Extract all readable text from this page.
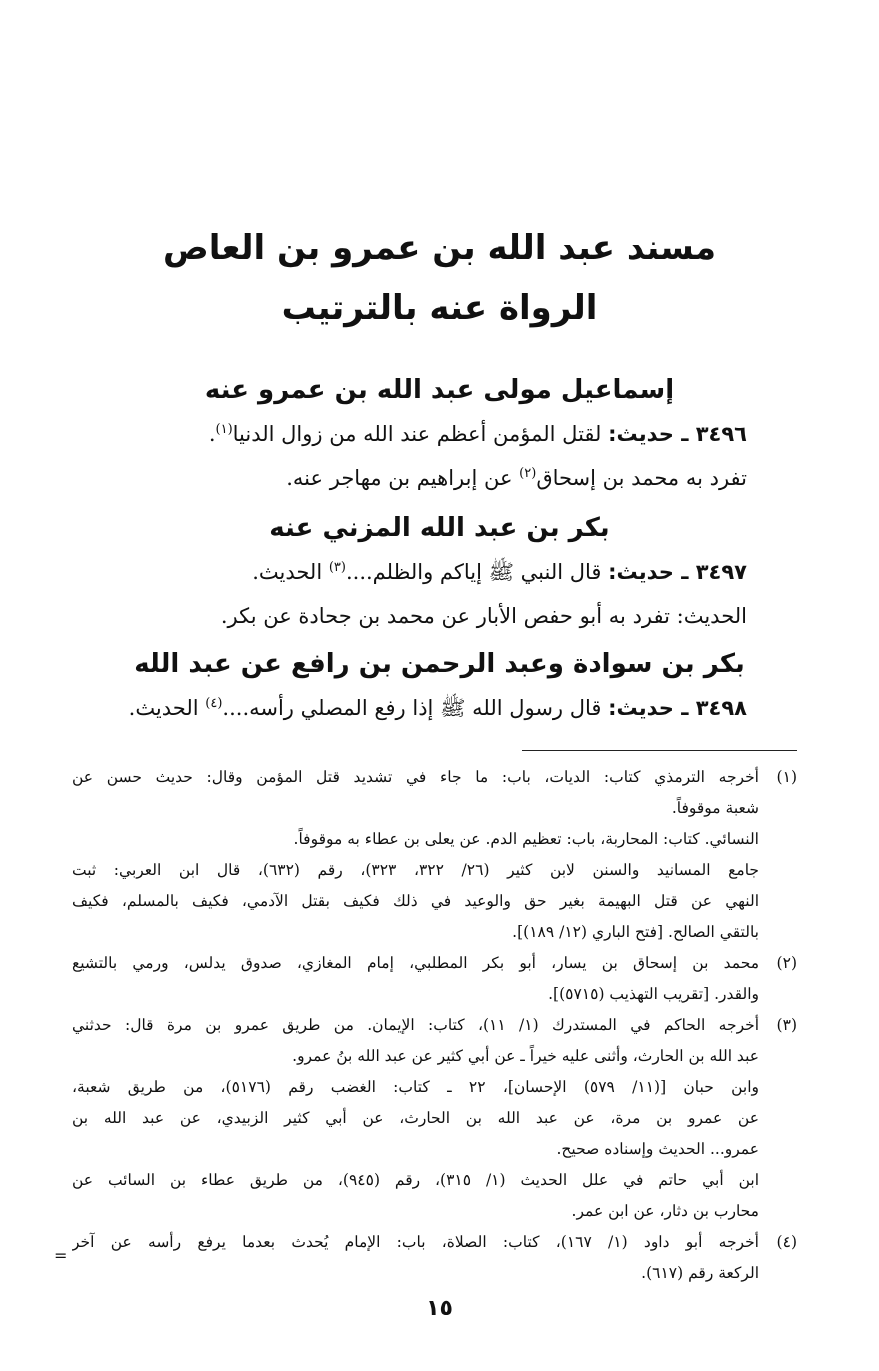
مسند عبد الله بن عمرو بن العاص
الرواة عنه بالترتيب
إسماعيل مولى عبد الله بن عمرو عنه
٣٤٩٦ ـ حديث: لقتل المؤمن أعظم عند الله من زوال الدنيا$^{(١)}$.
تفرد به محمد بن إسحاق$^{(٢)}$ عن إبراهيم بن مهاجر عنه.
بكر بن عبد الله المزني عنه
٣٤٩٧ ـ حديث: قال النبي ﷺ إياكم والظلم....$^{(٣)}$ الحديث.
الحديث: تفرد به أبو حفص الأبار عن محمد بن جحادة عن بكر.
بكر بن سوادة وعبد الرحمن بن رافع عن عبد الله
٣٤٩٨ ـ حديث: قال رسول الله ﷺ إذا رفع المصلي رأسه....$^{(٤)}$ الحديث.
(١)
أخرجه الترمذي كتاب: الديات، باب: ما جاء في تشديد قتل المؤمن وقال: حديث حسن عن
شعبة موقوفاً.
النسائي. كتاب: المحاربة، باب: تعظيم الدم. عن يعلى بن عطاء به موقوفاً.
جامع المسانيد والسنن لابن كثير (٢٦/ ٣٢٢، ٣٢٣)، رقم (٦٣٢)، قال ابن العربي: ثبت
النهي عن قتل البهيمة بغير حق والوعيد في ذلك فكيف بقتل الآدمي، فكيف بالمسلم، فكيف
بالتقي الصالح. [فتح الباري (١٢/ ١٨٩)].
(٢)
محمد بن إسحاق بن يسار، أبو بكر المطلبي، إمام المغازي، صدوق يدلس، ورمي بالتشيع
والقدر. [تقريب التهذيب (٥٧١٥)].
(٣)
أخرجه الحاكم في المستدرك (١/ ١١)، كتاب: الإيمان. من طريق عمرو بن مرة قال: حدثني
عبد الله بن الحارث، وأثنى عليه خيراً ـ عن أبي كثير عن عبد الله بنُ عمرو.
وابن حبان [(١١/ ٥٧٩) الإحسان]، ٢٢ ـ كتاب: الغضب رقم (٥١٧٦)، من طريق شعبة،
عن عمرو بن مرة، عن عبد الله بن الحارث، عن أبي كثير الزبيدي، عن عبد الله بن
عمرو... الحديث وإسناده صحيح.
ابن أبي حاتم في علل الحديث (١/ ٣١٥)، رقم (٩٤٥)، من طريق عطاء بن السائب عن
محارب بن دثار، عن ابن عمر.
(٤)
أخرجه أبو داود (١/ ١٦٧)، كتاب: الصلاة، باب: الإمام يُحدث بعدما يرفع رأسه عن آخر
الركعة رقم (٦١٧).
=
١٥
